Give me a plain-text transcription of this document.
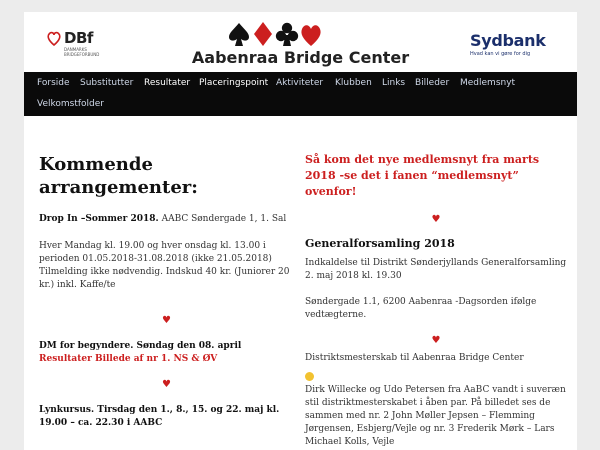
DBf
DANMARKS BRIDGEFORBUND	Aabenraa Bridge Center
Sydbank
Hvad kan vi gøre for dig
Forside Substitutter Resultater Placeringspoint Aktiviteter Klubben Links Billeder Medlemsnyt
Velkomstfolder
Kommende arrangementer:

Drop In –Sommer 2018. AABC Søndergade 1, 1. Sal

Hver Mandag kl. 19.00 og hver onsdag kl. 13.00 i perioden 01.05.2018-31.08.2018 (ikke 21.05.2018) Tilmelding ikke nødvendig. Indskud 40 kr. (Juniorer 20 kr.) inkl. Kaffe/te

♥

DM for begyndere. Søndag den 08. april

Resultater Billede af nr 1. NS & ØV

♥

Lynkursus. Tirsdag den 1., 8., 15. og 22. maj kl. 19.00 – ca. 22.30 i AABC

Så kom det nye medlemsnyt fra marts 2018 -se det i fanen “medlemsnyt” ovenfor!

♥
Generalforsamling 2018

Indkaldelse til Distrikt Sønderjyllands Generalforsamling 2. maj 2018 kl. 19.30

Søndergade 1.1, 6200 Aabenraa -Dagsorden ifølge vedtægterne.

♥

Distriktsmesterskab til Aabenraa Bridge Center

Dirk Willecke og Udo Petersen fra AaBC vandt i suveræn stil distriktmesterskabet i åben par. På billedet ses de sammen med nr. 2 John Møller Jepsen – Flemming Jørgensen, Esbjerg/Vejle og nr. 3 Frederik Mørk – Lars Michael Kolls, Vejle
